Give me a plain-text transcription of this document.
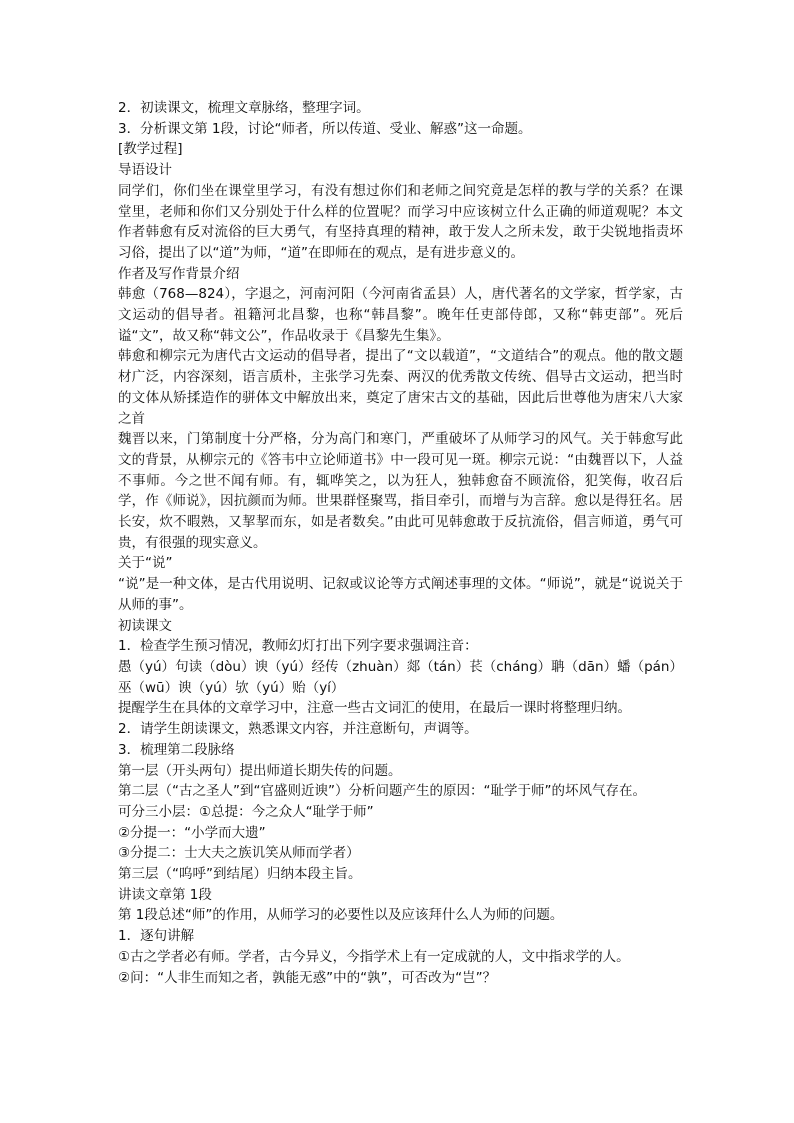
2．初读课文，梳理文章脉络，整理字词。

3．分析课文第 1段，讨论“师者，所以传道、受业、解惑”这一命题。

[教学过程]

导语设计

同学们，你们坐在课堂里学习，有没有想过你们和老师之间究竟是怎样的教与学的关系？在课堂里，老师和你们又分别处于什么样的位置呢？而学习中应该树立什么正确的师道观呢？本文作者韩愈有反对流俗的巨大勇气，有坚持真理的精神，敢于发人之所未发，敢于尖锐地指责坏习俗，提出了以“道”为师，“道”在即师在的观点，是有进步意义的。

作者及写作背景介绍

韩愈（768—824），字退之，河南河阳（今河南省孟县）人，唐代著名的文学家，哲学家，古文运动的倡导者。祖籍河北昌黎，也称“韩昌黎”。晚年任吏部侍郎，又称“韩吏部”。死后谥“文”，故又称“韩文公”，作品收录于《昌黎先生集》。

韩愈和柳宗元为唐代古文运动的倡导者，提出了“文以载道”，“文道结合”的观点。他的散文题材广泛，内容深刻，语言质朴，主张学习先秦、两汉的优秀散文传统、倡导古文运动，把当时的文体从矫揉造作的骈体文中解放出来，奠定了唐宋古文的基础，因此后世尊他为唐宋八大家之首

魏晋以来，门第制度十分严格，分为高门和寒门，严重破坏了从师学习的风气。关于韩愈写此文的背景，从柳宗元的《答韦中立论师道书》中一段可见一斑。柳宗元说：“由魏晋以下，人益不事师。今之世不闻有师。有，辄哗笑之，以为狂人，独韩愈奋不顾流俗，犯笑侮，收召后学，作《师说》，因抗颜而为师。世果群怪聚骂，指目牵引，而增与为言辞。愈以是得狂名。居长安，炊不暇熟，又挈挈而东，如是者数矣。”由此可见韩愈敢于反抗流俗，倡言师道，勇气可贵，有很强的现实意义。

关于“说”

“说”是一种文体，是古代用说明、记叙或议论等方式阐述事理的文体。“师说”，就是“说说关于从师的事”。

初读课文

1．检查学生预习情况，教师幻灯打出下列字要求强调注音：

愚（yú）句读（dòu）谀（yú）经传（zhuàn）郯（tán）苌（cháng）聃（dān）蟠（pán） 巫（wū）谀（yú）欤（yú）贻（yí）

提醒学生在具体的文章学习中，注意一些古文词汇的使用，在最后一课时将整理归纳。

2．请学生朗读课文，熟悉课文内容，并注意断句，声调等。

3．梳理第二段脉络

第一层（开头两句）提出师道长期失传的问题。

第二层（“古之圣人”到“官盛则近谀”）分析问题产生的原因：“耻学于师”的坏风气存在。

可分三小层：①总提：今之众人“耻学于师”

②分提一：“小学而大遗”

③分提二：士大夫之族讥笑从师而学者）

第三层（“呜呼”到结尾）归纳本段主旨。

讲读文章第 1段

第 1段总述“师”的作用，从师学习的必要性以及应该拜什么人为师的问题。

1．逐句讲解

①古之学者必有师。学者，古今异义，今指学术上有一定成就的人，文中指求学的人。

②问：“人非生而知之者，孰能无惑”中的“孰”，可否改为“岂”？
